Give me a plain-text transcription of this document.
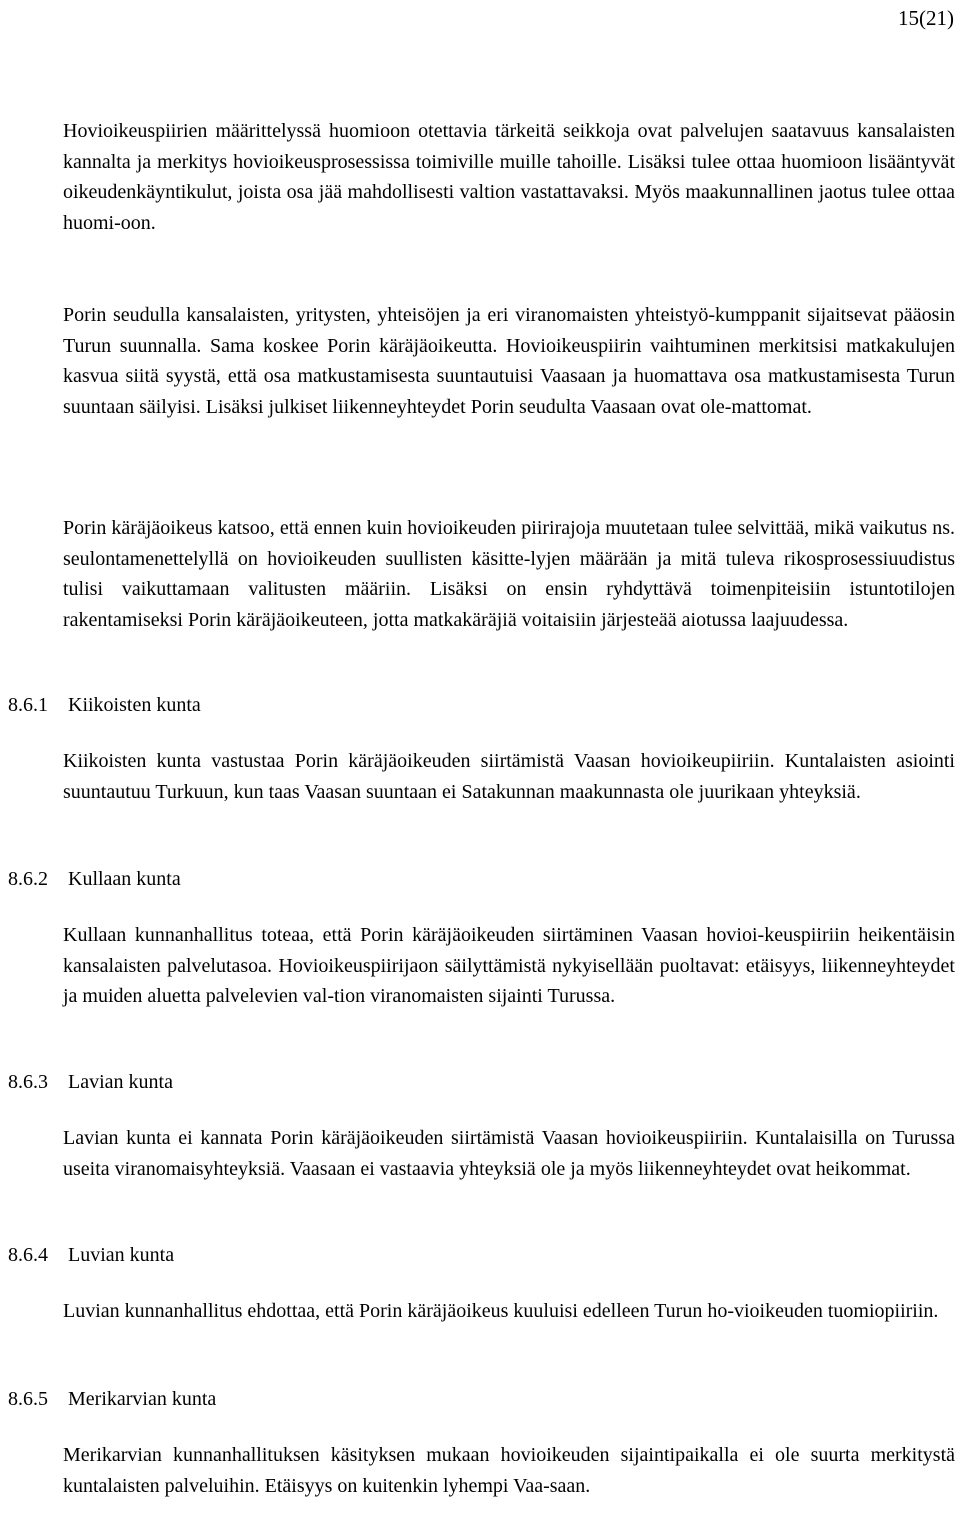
15(21)

Hovioikeuspiirien määrittelyssä huomioon otettavia tärkeitä seikkoja ovat palvelujen saatavuus kansalaisten kannalta ja merkitys hovioikeusprosessissa toimiville muille tahoille. Lisäksi tulee ottaa huomioon lisääntyvät oikeudenkäyntikulut, joista osa jää mahdollisesti valtion vastattavaksi. Myös maakunnallinen jaotus tulee ottaa huomi-oon.

Porin seudulla kansalaisten, yritysten, yhteisöjen ja eri viranomaisten yhteistyö-kumppanit sijaitsevat pääosin Turun suunnalla. Sama koskee Porin käräjäoikeutta. Hovioikeuspiirin vaihtuminen merkitsisi matkakulujen kasvua siitä syystä, että osa matkustamisesta suuntautuisi Vaasaan ja huomattava osa matkustamisesta Turun suuntaan säilyisi. Lisäksi julkiset liikenneyhteydet Porin seudulta Vaasaan ovat ole-mattomat.

Porin käräjäoikeus katsoo, että ennen kuin hovioikeuden piirirajoja muutetaan tulee selvittää, mikä vaikutus ns. seulontamenettelyllä on hovioikeuden suullisten käsitte-lyjen määrään ja mitä tuleva rikosprosessiuudistus tulisi vaikuttamaan valitusten määriin. Lisäksi on ensin ryhdyttävä toimenpiteisiin istuntotilojen rakentamiseksi Porin käräjäoikeuteen, jotta matkakäräjiä voitaisiin järjesteää aiotussa laajuudessa.

8.6.1 Kiikoisten kunta

Kiikoisten kunta vastustaa Porin käräjäoikeuden siirtämistä Vaasan hovioikeupiiriin. Kuntalaisten asiointi suuntautuu Turkuun, kun taas Vaasan suuntaan ei Satakunnan maakunnasta ole juurikaan yhteyksiä.

8.6.2 Kullaan kunta

Kullaan kunnanhallitus toteaa, että Porin käräjäoikeuden siirtäminen Vaasan hovioi-keuspiiriin heikentäisin kansalaisten palvelutasoa. Hovioikeuspiirijaon säilyttämistä nykyisellään puoltavat: etäisyys, liikenneyhteydet ja muiden aluetta palvelevien val-tion viranomaisten sijainti Turussa.

8.6.3 Lavian kunta

Lavian kunta ei kannata Porin käräjäoikeuden siirtämistä Vaasan hovioikeuspiiriin. Kuntalaisilla on Turussa useita viranomaisyhteyksiä. Vaasaan ei vastaavia yhteyksiä ole ja myös liikenneyhteydet ovat heikommat.

8.6.4 Luvian kunta

Luvian kunnanhallitus ehdottaa, että Porin käräjäoikeus kuuluisi edelleen Turun ho-vioikeuden tuomiopiiriin.

8.6.5 Merikarvian kunta

Merikarvian kunnanhallituksen käsityksen mukaan hovioikeuden sijaintipaikalla ei ole suurta merkitystä kuntalaisten palveluihin. Etäisyys on kuitenkin lyhempi Vaa-saan.
